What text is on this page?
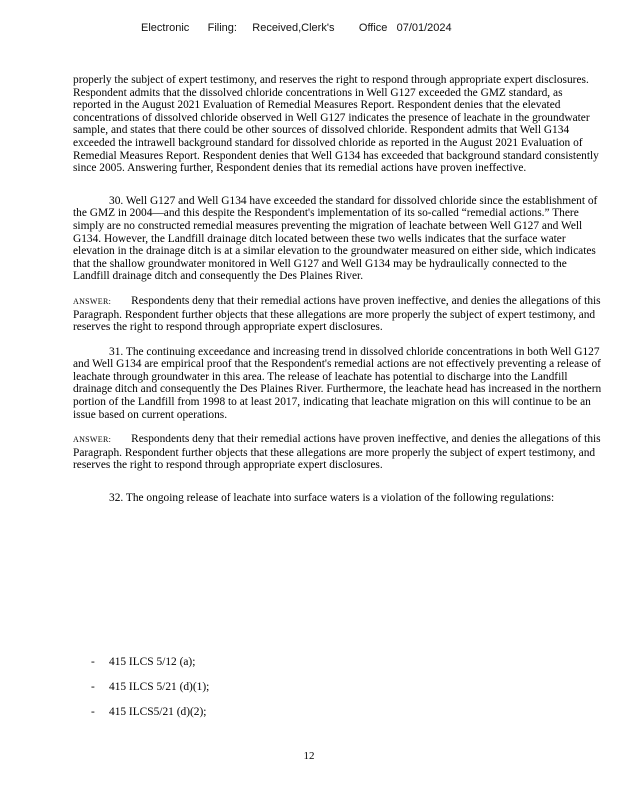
Electronic      Filing:     Received,Clerk's        Office   07/01/2024

properly the subject of expert testimony, and reserves the right to respond through appropriate expert disclosures. Respondent admits that the dissolved chloride concentrations in Well G127 exceeded the GMZ standard, as reported in the August 2021 Evaluation of Remedial Measures Report. Respondent denies that the elevated concentrations of dissolved chloride observed in Well G127 indicates the presence of leachate in the groundwater sample, and states that there could be other sources of dissolved chloride. Respondent admits that Well G134 exceeded the intrawell background standard for dissolved chloride as reported in the August 2021 Evaluation of Remedial Measures Report. Respondent denies that Well G134 has exceeded that background standard consistently since 2005. Answering further, Respondent denies that its remedial actions have proven ineffective.

30. Well G127 and Well G134 have exceeded the standard for dissolved chloride since the establishment of the GMZ in 2004—and this despite the Respondent's implementation of its so-called “remedial actions.” There simply are no constructed remedial measures preventing the migration of leachate between Well G127 and Well G134. However, the Landfill drainage ditch located between these two wells indicates that the surface water elevation in the drainage ditch is at a similar elevation to the groundwater measured on either side, which indicates that the shallow groundwater monitored in Well G127 and Well G134 may be hydraulically connected to the Landfill drainage ditch and consequently the Des Plaines River.

ANSWER: Respondents deny that their remedial actions have proven ineffective, and denies the allegations of this Paragraph. Respondent further objects that these allegations are more properly the subject of expert testimony, and reserves the right to respond through appropriate expert disclosures.

31. The continuing exceedance and increasing trend in dissolved chloride concentrations in both Well G127 and Well G134 are empirical proof that the Respondent's remedial actions are not effectively preventing a release of leachate through groundwater in this area. The release of leachate has potential to discharge into the Landfill drainage ditch and consequently the Des Plaines River. Furthermore, the leachate head has increased in the northern portion of the Landfill from 1998 to at least 2017, indicating that leachate migration on this will continue to be an issue based on current operations.

ANSWER: Respondents deny that their remedial actions have proven ineffective, and denies the allegations of this Paragraph. Respondent further objects that these allegations are more properly the subject of expert testimony, and reserves the right to respond through appropriate expert disclosures.

32. The ongoing release of leachate into surface waters is a violation of the following regulations:

- 415 ILCS 5/12 (a);
- 415 ILCS 5/21 (d)(1);
- 415 ILCS5/21 (d)(2);
12
